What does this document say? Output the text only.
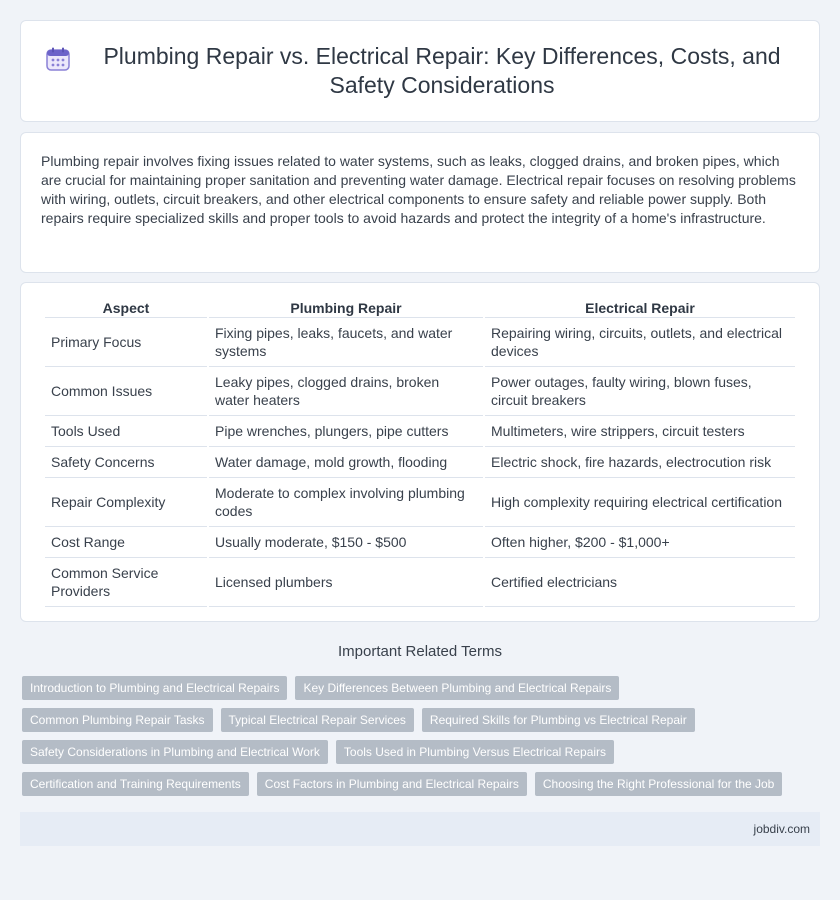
Plumbing Repair vs. Electrical Repair: Key Differences, Costs, and Safety Considerations

Plumbing repair involves fixing issues related to water systems, such as leaks, clogged drains, and broken pipes, which are crucial for maintaining proper sanitation and preventing water damage. Electrical repair focuses on resolving problems with wiring, outlets, circuit breakers, and other electrical components to ensure safety and reliable power supply. Both repairs require specialized skills and proper tools to avoid hazards and protect the integrity of a home's infrastructure.

Aspect	Plumbing Repair	Electrical Repair
Primary Focus	Fixing pipes, leaks, faucets, and water systems	Repairing wiring, circuits, outlets, and electrical devices
Common Issues	Leaky pipes, clogged drains, broken water heaters	Power outages, faulty wiring, blown fuses, circuit breakers
Tools Used	Pipe wrenches, plungers, pipe cutters	Multimeters, wire strippers, circuit testers
Safety Concerns	Water damage, mold growth, flooding	Electric shock, fire hazards, electrocution risk
Repair Complexity	Moderate to complex involving plumbing codes	High complexity requiring electrical certification
Cost Range	Usually moderate, $150 - $500	Often higher, $200 - $1,000+
Common Service Providers	Licensed plumbers	Certified electricians
Important Related Terms
Introduction to Plumbing and Electrical Repairs	Key Differences Between Plumbing and Electrical Repairs
Common Plumbing Repair Tasks	Typical Electrical Repair Services	Required Skills for Plumbing vs Electrical Repair
Safety Considerations in Plumbing and Electrical Work	Tools Used in Plumbing Versus Electrical Repairs
Certification and Training Requirements	Cost Factors in Plumbing and Electrical Repairs	Choosing the Right Professional for the Job
jobdiv.com
